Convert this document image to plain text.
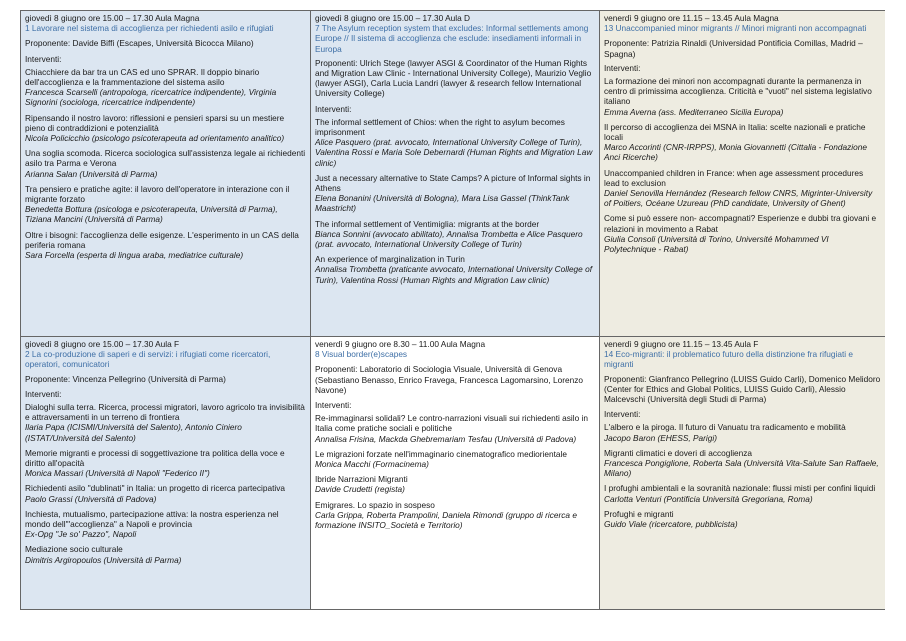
giovedì 8 giugno ore 15.00 – 17.30 Aula Magna
1 Lavorare nel sistema di accoglienza per richiedenti asilo e rifugiati
Proponente: Davide Biffi (Escapes, Università Bicocca Milano)
Interventi:
Chiacchiere da bar tra un CAS ed uno SPRAR. Il doppio binario dell'accoglienza e la frammentazione del sistema asilo
Francesca Scarselli (antropologa, ricercatrice indipendente), Virginia Signorini (sociologa, ricercatrice indipendente)
Ripensando il nostro lavoro: riflessioni e pensieri sparsi su un mestiere pieno di contraddizioni e potenzialità
Nicola Policicchio (psicologo psicoterapeuta ad orientamento analitico)
Una soglia scomoda. Ricerca sociologica sull'assistenza legale ai richiedenti asilo tra Parma e Verona
Arianna Salan (Università di Parma)
Tra pensiero e pratiche agite: il lavoro dell'operatore in interazione con il migrante forzato
Benedetta Bottura (psicologa e psicoterapeuta, Università di Parma), Tiziana Mancini (Università di Parma)
Oltre i bisogni: l'accoglienza delle esigenze. L'esperimento in un CAS della periferia romana
Sara Forcella (esperta di lingua araba, mediatrice culturale)
giovedì 8 giugno ore 15.00 – 17.30 Aula D
7 The Asylum reception system that excludes: Informal settlements among Europe // Il sistema di accoglienza che esclude: insediamenti informali in Europa
Proponenti: Ulrich Stege (lawyer ASGI & Coordinator of the Human Rights and Migration Law Clinic - International University College), Maurizio Veglio (lawyer ASGI), Carla Lucia Landri (lawyer & research fellow International University College)
Interventi:
The informal settlement of Chios: when the right to asylum becomes imprisonment
Alice Pasquero (prat. avvocato, International University College of Turin), Valentina Rossi e Maria Sole Debernardi (Human Rights and Migration Law clinic)
Just a necessary alternative to State Camps? A picture of Informal sights in Athens
Elena Bonanini (Università di Bologna), Mara Lisa Gassel (ThinkTank Maastricht)
The informal settlement of Ventimiglia: migrants at the border
Bianca Sonnini (avvocato abilitato), Annalisa Trombetta e Alice Pasquero (prat. avvocato, International University College of Turin)
An experience of marginalization in Turin
Annalisa Trombetta (praticante avvocato, International University College of Turin), Valentina Rossi (Human Rights and Migration Law clinic)
venerdì 9 giugno ore 11.15 – 13.45 Aula Magna
13 Unaccompanied minor migrants // Minori migranti non accompagnati
Proponente: Patrizia Rinaldi (Universidad Pontificia Comillas, Madrid – Spagna)
Interventi:
La formazione dei minori non accompagnati durante la permanenza in centro di primissima accoglienza. Criticità e "vuoti" nel sistema legislativo italiano
Emma Averna (ass. Mediterraneo Sicilia Europa)
Il percorso di accoglienza dei MSNA in Italia: scelte nazionali e pratiche locali
Marco Accorinti (CNR-IRPPS), Monia Giovannetti (Cittalia - Fondazione Anci Ricerche)
Unaccompanied children in France: when age assessment procedures lead to exclusion
Daniel Senovilla Hernández (Research fellow CNRS, Migrinter-University of Poitiers, Océane Uzureau (PhD candidate, University of Ghent)
Come si può essere non- accompagnati? Esperienze e dubbi tra giovani e relazioni in movimento a Rabat
Giulia Consoli (Università di Torino, Université Mohammed VI Polytechnique - Rabat)
giovedì 8 giugno ore 15.00 – 17.30 Aula F
2 La co-produzione di saperi e di servizi: i rifugiati come ricercatori, operatori, comunicatori
Proponente: Vincenza Pellegrino (Università di Parma)
Interventi:
Dialoghi sulla terra. Ricerca, processi migratori, lavoro agricolo tra invisibilità e attraversamenti in un terreno di frontiera
Ilaria Papa (ICISMI/Università del Salento), Antonio Ciniero (ISTAT/Università del Salento)
Memorie migranti e processi di soggettivazione tra politica della voce e diritto all'opacità
Monica Massari (Università di Napoli "Federico II")
Richiedenti asilo "dublinati" in Italia: un progetto di ricerca partecipativa
Paolo Grassi (Università di Padova)
Inchiesta, mutualismo, partecipazione attiva: la nostra esperienza nel mondo dell'"accoglienza" a Napoli e provincia
Ex-Opg "Je so' Pazzo", Napoli
Mediazione socio culturale
Dimitris Argiropoulos (Università di Parma)
venerdì 9 giugno ore 8.30 – 11.00 Aula Magna
8 Visual border(e)scapes
Proponenti: Laboratorio di Sociologia Visuale, Università di Genova (Sebastiano Benasso, Enrico Fravega, Francesca Lagomarsino, Lorenzo Navone)
Interventi:
Re-immaginarsi solidali? Le contro-narrazioni visuali sui richiedenti asilo in Italia come pratiche sociali e politiche
Annalisa Frisina, Mackda Ghebremariam Tesfau (Università di Padova)
Le migrazioni forzate nell'immaginario cinematografico mediorientale
Monica Macchi (Formacinema)
Ibride Narrazioni Migranti
Davide Crudetti (regista)
Emigrares. Lo spazio in sospeso
Carla Grippa, Roberta Prampolini, Daniela Rimondi (gruppo di ricerca e formazione INSITO_Società e Territorio)
venerdì 9 giugno ore 11.15 – 13.45 Aula F
14 Eco-migranti: il problematico futuro della distinzione fra rifugiati e migranti
Proponenti: Gianfranco Pellegrino (LUISS Guido Carli), Domenico Melidoro (Center for Ethics and Global Politics, LUISS Guido Carli), Alessio Malcevschi (Università degli Studi di Parma)
Interventi:
L'albero e la piroga. Il futuro di Vanuatu tra radicamento e mobilità
Jacopo Baron (EHESS, Parigi)
Migranti climatici e doveri di accoglienza
Francesca Pongiglione, Roberta Sala (Università Vita-Salute San Raffaele, Milano)
I profughi ambientali e la sovranità nazionale: flussi misti per confini liquidi
Carlotta Venturi (Pontificia Università Gregoriana, Roma)
Profughi e migranti
Guido Viale (ricercatore, pubblicista)
